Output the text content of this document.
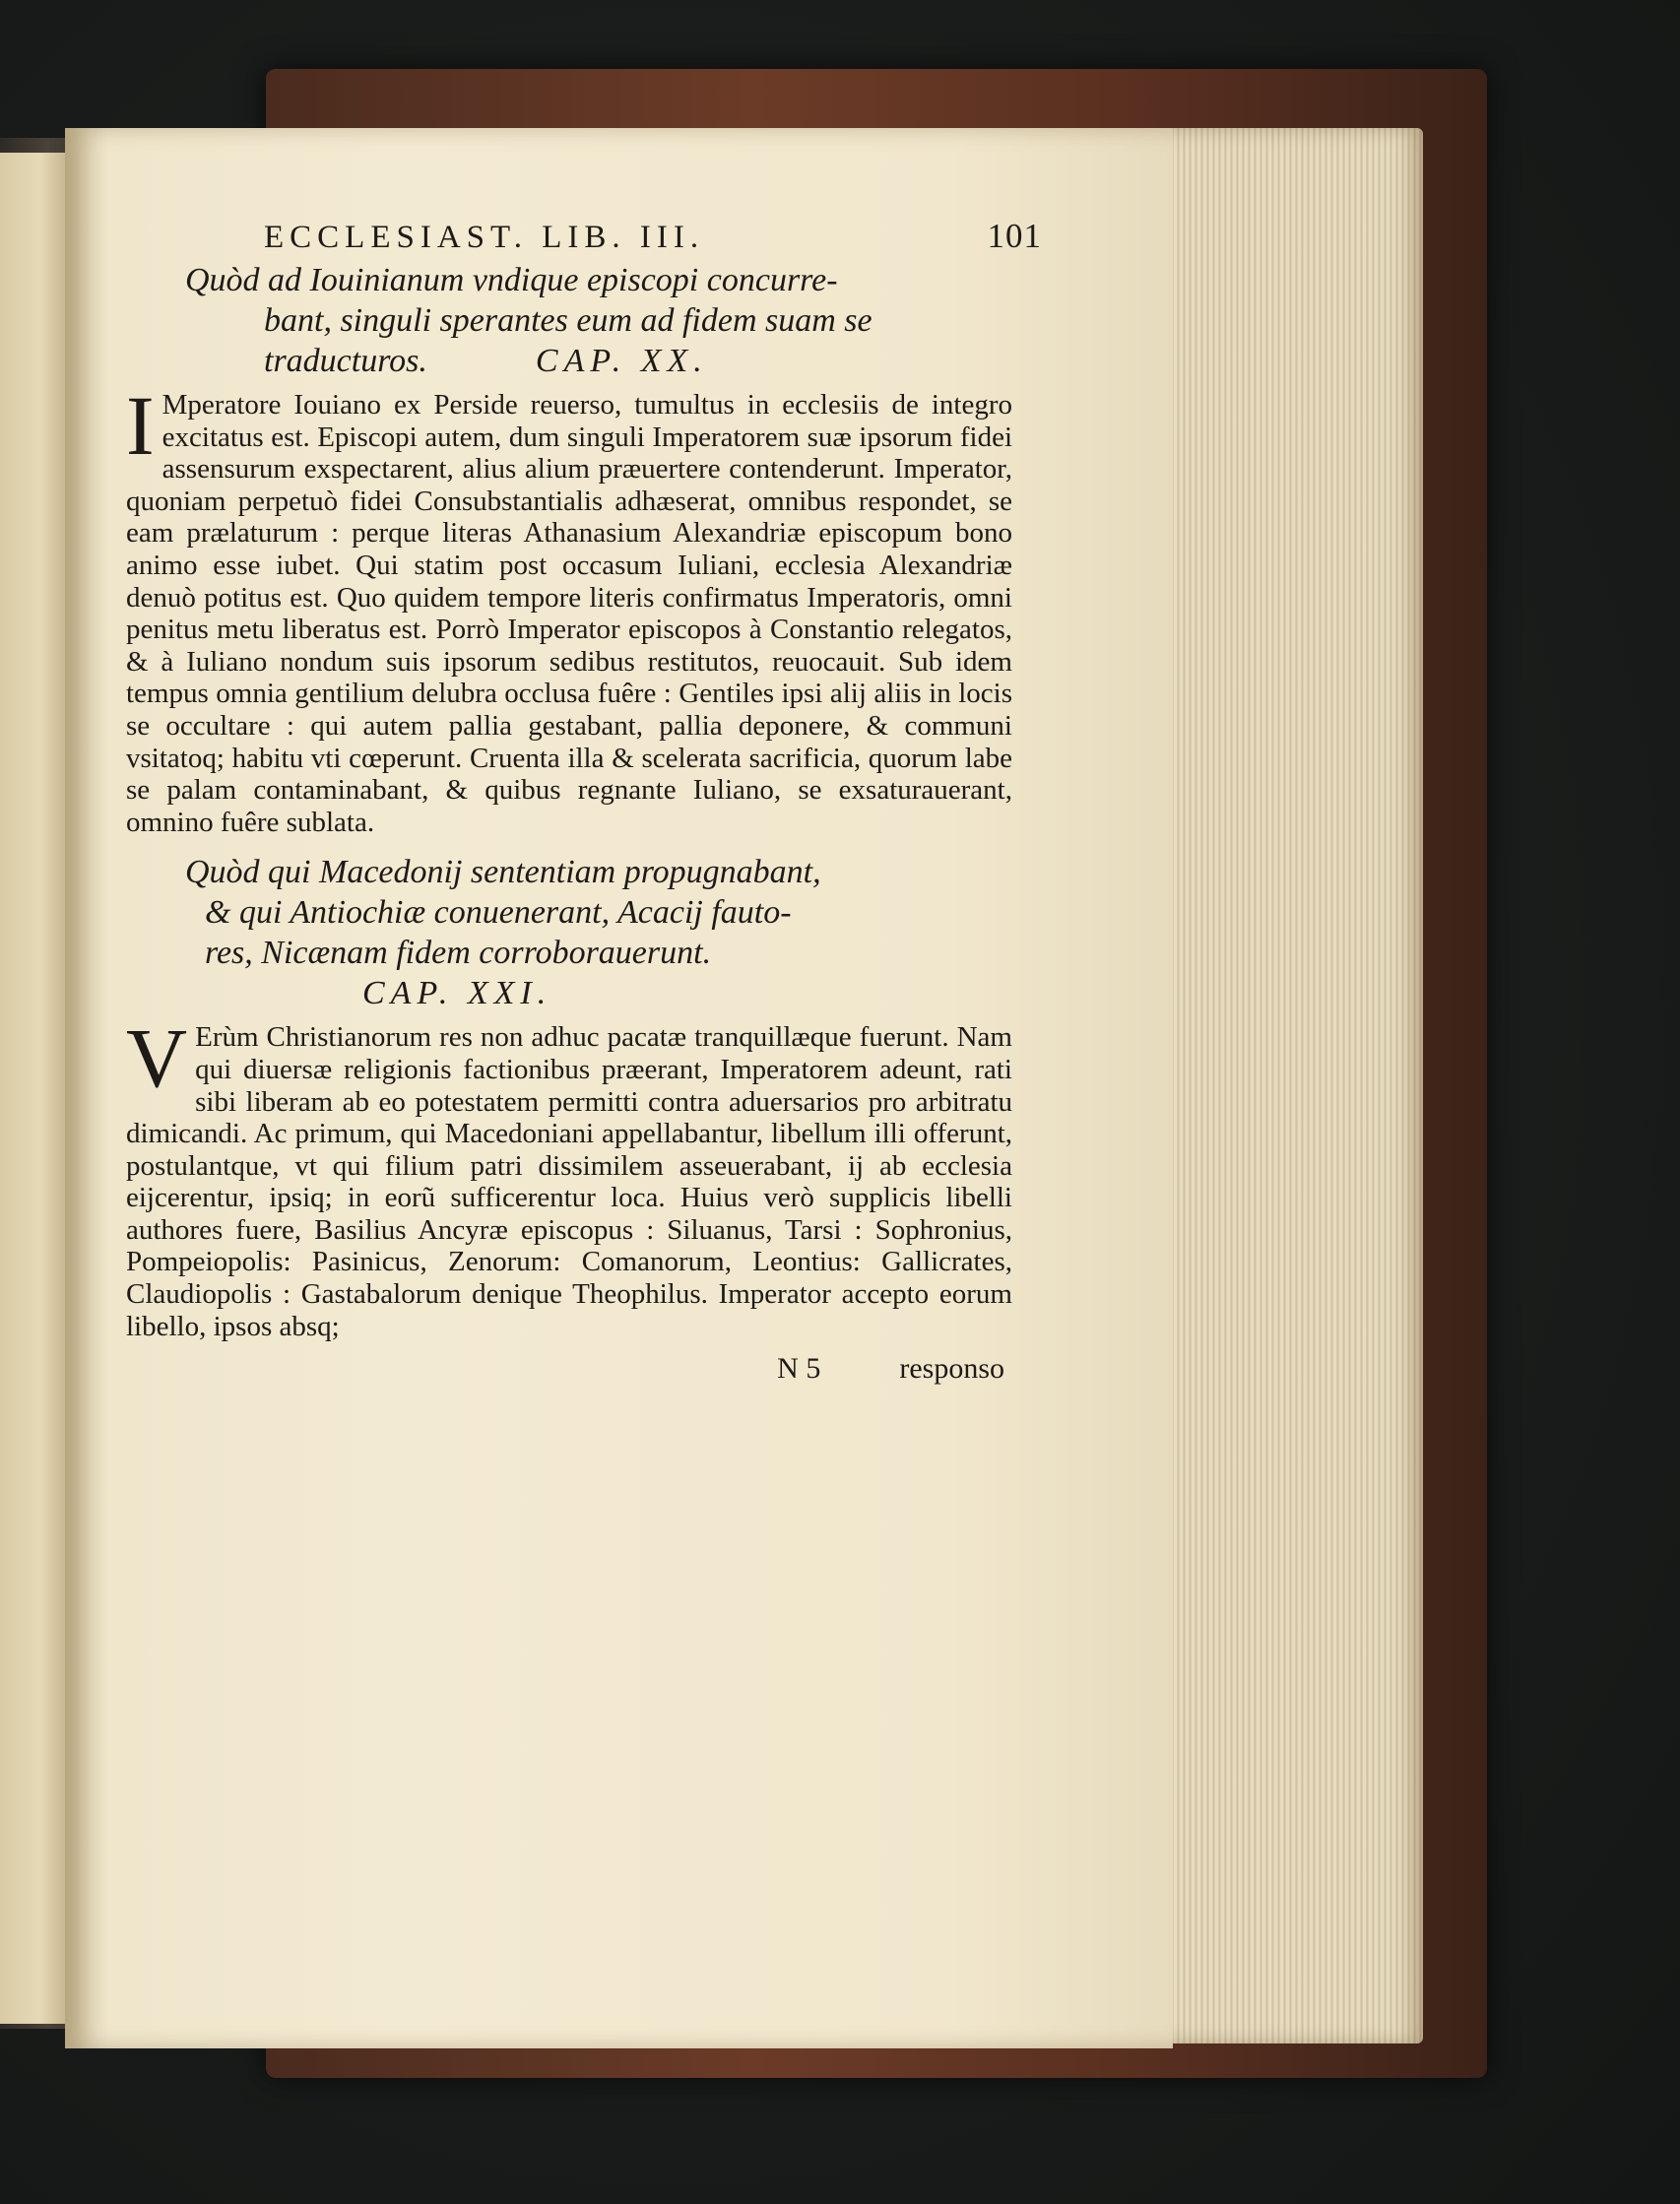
ECCLESIAST. LIB. III.	101
Quòd ad Iouinianum vndique episcopi concurre-
bant, singuli sperantes eum ad fidem suam se
traducturos.	CAP. XX.
I Mperatore Iouiano ex Perside reuerso, tumultus in ecclesiis de integro excitatus est. Episcopi autem, dum singuli Imperatorem suæ ipsorum fidei assensurum exspectarent, alius alium præuertere contenderunt. Imperator, quoniam perpetuò fidei Consubstantialis adhæserat, omnibus respondet, se eam prælaturum : perque literas Athanasium Alexandriæ episcopum bono animo esse iubet. Qui statim post occasum Iuliani, ecclesia Alexandriæ denuò potitus est. Quo quidem tempore literis confirmatus Imperatoris, omni penitus metu liberatus est. Porrò Imperator episcopos à Constantio relegatos, & à Iuliano nondum suis ipsorum sedibus restitutos, reuocauit. Sub idem tempus omnia gentilium delubra occlusa fuêre : Gentiles ipsi alij aliis in locis se occultare : qui autem pallia gestabant, pallia deponere, & communi vsitatoq; habitu vti cœperunt. Cruenta illa & scelerata sacrificia, quorum labe se palam contaminabant, & quibus regnante Iuliano, se exsaturauerant, omnino fuêre sublata.
Quòd qui Macedonij sententiam propugnabant,
& qui Antiochiæ conuenerant, Acacij fauto-
res, Nicænam fidem corroborauerunt.
CAP. XXI.
V Erùm Christianorum res non adhuc pacatæ tranquillæque fuerunt. Nam qui diuersæ religionis factionibus præerant, Imperatorem adeunt, rati sibi liberam ab eo potestatem permitti contra aduersarios pro arbitratu dimicandi. Ac primum, qui Macedoniani appellabantur, libellum illi offerunt, postulantque, vt qui filium patri dissimilem asseuerabant, ij ab ecclesia eijcerentur, ipsiq; in eorũ sufficerentur loca. Huius verò supplicis libelli authores fuere, Basilius Ancyræ episcopus : Siluanus, Tarsi : Sophronius, Pompeiopolis: Pasinicus, Zenorum: Comanorum, Leontius: Gallicrates, Claudiopolis : Gastabalorum denique Theophilus. Imperator accepto eorum libello, ipsos absq;
N 5	responso
